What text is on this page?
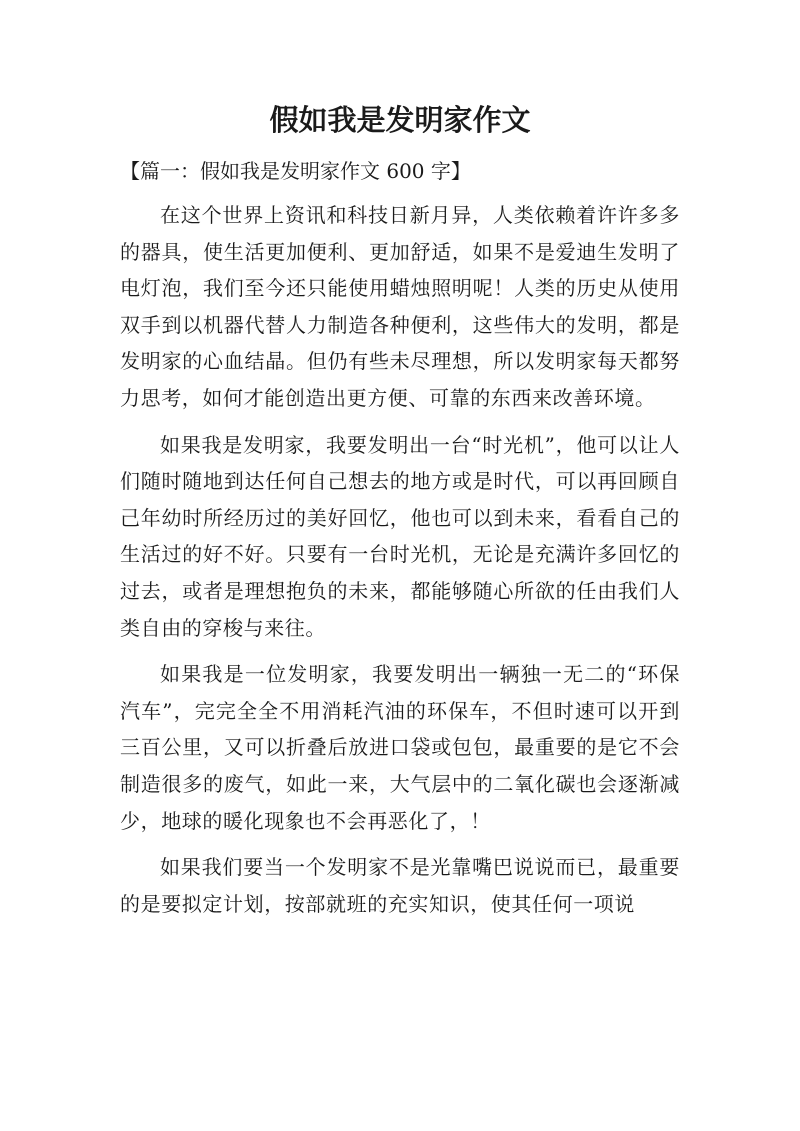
假如我是发明家作文

【篇一：假如我是发明家作文 600 字】

在这个世界上资讯和科技日新月异，人类依赖着许许多多的器具，使生活更加便利、更加舒适，如果不是爱迪生发明了电灯泡，我们至今还只能使用蜡烛照明呢！人类的历史从使用双手到以机器代替人力制造各种便利，这些伟大的发明，都是发明家的心血结晶。但仍有些未尽理想，所以发明家每天都努力思考，如何才能创造出更方便、可靠的东西来改善环境。

如果我是发明家，我要发明出一台“时光机”，他可以让人们随时随地到达任何自己想去的地方或是时代，可以再回顾自己年幼时所经历过的美好回忆，他也可以到未来，看看自己的生活过的好不好。只要有一台时光机，无论是充满许多回忆的过去，或者是理想抱负的未来，都能够随心所欲的任由我们人类自由的穿梭与来往。

如果我是一位发明家，我要发明出一辆独一无二的“环保汽车”，完完全全不用消耗汽油的环保车，不但时速可以开到三百公里，又可以折叠后放进口袋或包包，最重要的是它不会制造很多的废气，如此一来，大气层中的二氧化碳也会逐渐减少，地球的暖化现象也不会再恶化了，！

如果我们要当一个发明家不是光靠嘴巴说说而已，最重要的是要拟定计划，按部就班的充实知识，使其任何一项说
